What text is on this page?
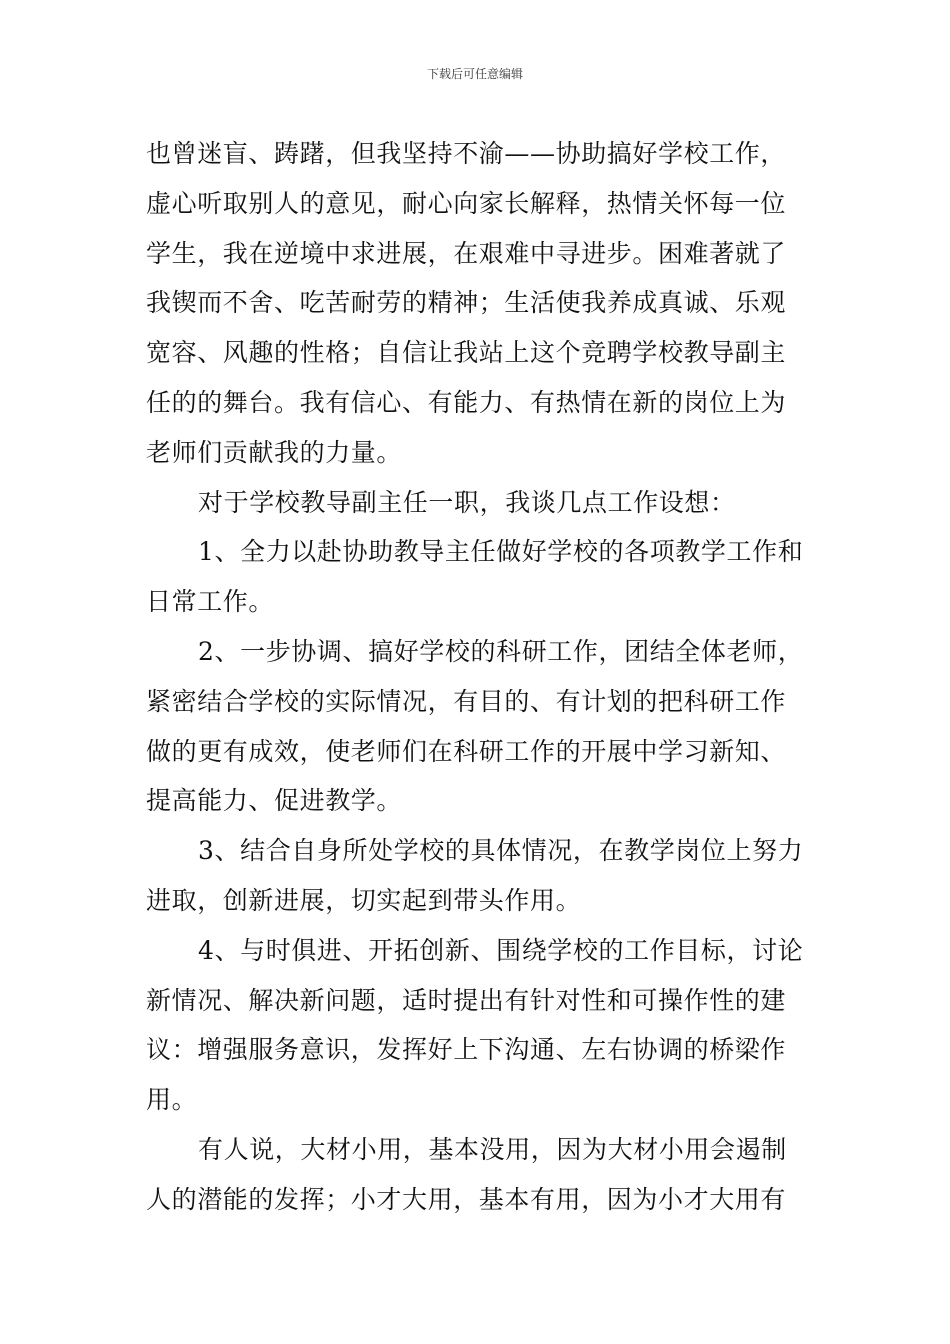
下载后可任意编辑
也曾迷盲、踌躇，但我坚持不渝——协助搞好学校工作，
虚心听取别人的意见，耐心向家长解释，热情关怀每一位
学生，我在逆境中求进展，在艰难中寻进步。困难著就了
我锲而不舍、吃苦耐劳的精神；生活使我养成真诚、乐观
宽容、风趣的性格；自信让我站上这个竞聘学校教导副主
任的的舞台。我有信心、有能力、有热情在新的岗位上为
老师们贡献我的力量。
对于学校教导副主任一职，我谈几点工作设想：
1、全力以赴协助教导主任做好学校的各项教学工作和
日常工作。
2、一步协调、搞好学校的科研工作，团结全体老师，
紧密结合学校的实际情况，有目的、有计划的把科研工作
做的更有成效，使老师们在科研工作的开展中学习新知、
提高能力、促进教学。
3、结合自身所处学校的具体情况，在教学岗位上努力
进取，创新进展，切实起到带头作用。
4、与时俱进、开拓创新、围绕学校的工作目标，讨论
新情况、解决新问题，适时提出有针对性和可操作性的建
议：增强服务意识，发挥好上下沟通、左右协调的桥梁作
用。
有人说，大材小用，基本没用，因为大材小用会遏制
人的潜能的发挥；小才大用，基本有用，因为小才大用有
